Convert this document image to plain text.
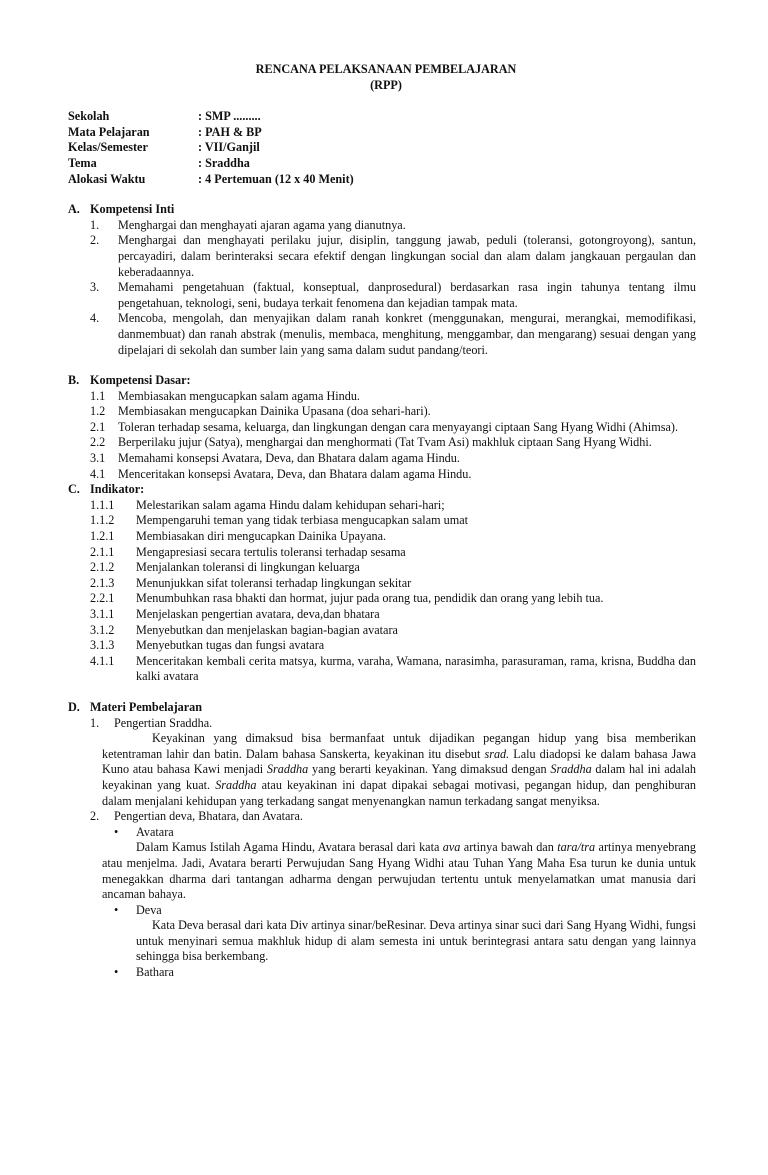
RENCANA PELAKSANAAN PEMBELAJARAN
(RPP)
Sekolah	: SMP .........
Mata Pelajaran	: PAH & BP
Kelas/Semester	: VII/Ganjil
Tema	: Sraddha
Alokasi Waktu	: 4 Pertemuan (12 x 40 Menit)
A. Kompetensi Inti
1.	Menghargai dan menghayati ajaran agama yang dianutnya.
2.	Menghargai dan menghayati perilaku jujur, disiplin, tanggung jawab, peduli (toleransi, gotongroyong), santun, percayadiri, dalam berinteraksi secara efektif dengan lingkungan social dan alam dalam jangkauan pergaulan dan keberadaannya.
3.	Memahami pengetahuan (faktual, konseptual, danprosedural) berdasarkan rasa ingin tahunya tentang ilmu pengetahuan, teknologi, seni, budaya terkait fenomena dan kejadian tampak mata.
4.	Mencoba, mengolah, dan menyajikan dalam ranah konkret (menggunakan, mengurai, merangkai, memodifikasi, danmembuat) dan ranah abstrak (menulis, membaca, menghitung, menggambar, dan mengarang) sesuai dengan yang dipelajari di sekolah dan sumber lain yang sama dalam sudut pandang/teori.
B. Kompetensi Dasar:
1.1	Membiasakan mengucapkan salam agama Hindu.
1.2	Membiasakan mengucapkan Dainika Upasana (doa sehari-hari).
2.1	Toleran terhadap sesama, keluarga, dan lingkungan dengan cara menyayangi ciptaan Sang Hyang Widhi (Ahimsa).
2.2	Berperilaku jujur (Satya), menghargai dan menghormati (Tat Tvam Asi) makhluk ciptaan Sang Hyang Widhi.
3.1	Memahami konsepsi Avatara, Deva, dan Bhatara dalam agama Hindu.
4.1	Menceritakan konsepsi Avatara, Deva, dan Bhatara dalam agama Hindu.
C. Indikator:
1.1.1	Melestarikan salam agama Hindu dalam kehidupan sehari-hari;
1.1.2	Mempengaruhi teman yang tidak terbiasa mengucapkan salam umat
1.2.1	Membiasakan diri mengucapkan Dainika Upayana.
2.1.1	Mengapresiasi secara tertulis toleransi terhadap sesama
2.1.2	Menjalankan toleransi di lingkungan keluarga
2.1.3	Menunjukkan sifat toleransi terhadap lingkungan sekitar
2.2.1	Menumbuhkan rasa bhakti dan hormat, jujur pada orang tua, pendidik dan orang yang lebih tua.
3.1.1	Menjelaskan pengertian avatara, deva,dan bhatara
3.1.2	Menyebutkan dan menjelaskan bagian-bagian avatara
3.1.3	Menyebutkan tugas dan fungsi avatara
4.1.1	Menceritakan kembali cerita matsya, kurma, varaha, Wamana, narasimha, parasuraman, rama, krisna, Buddha dan kalki avatara
D. Materi Pembelajaran
1.	Pengertian Sraddha.
Keyakinan yang dimaksud bisa bermanfaat untuk dijadikan pegangan hidup yang bisa memberikan ketentraman lahir dan batin. Dalam bahasa Sanskerta, keyakinan itu disebut srad. Lalu diadopsi ke dalam bahasa Jawa Kuno atau bahasa Kawi menjadi Sraddha yang berarti keyakinan. Yang dimaksud dengan Sraddha dalam hal ini adalah keyakinan yang kuat. Sraddha atau keyakinan ini dapat dipakai sebagai motivasi, pegangan hidup, dan penghiburan dalam menjalani kehidupan yang terkadang sangat menyenangkan namun terkadang sangat menyiksa.
2.	Pengertian deva, Bhatara, dan Avatara.
•	Avatara
Dalam Kamus Istilah Agama Hindu, Avatara berasal dari kata ava artinya bawah dan tara/tra artinya menyebrang atau menjelma. Jadi, Avatara berarti Perwujudan Sang Hyang Widhi atau Tuhan Yang Maha Esa turun ke dunia untuk menegakkan dharma dari tantangan adharma dengan perwujudan tertentu untuk menyelamatkan umat manusia dari ancaman bahaya.
•	Deva
Kata Deva berasal dari kata Div artinya sinar/beResinar. Deva artinya sinar suci dari Sang Hyang Widhi, fungsi untuk menyinari semua makhluk hidup di alam semesta ini untuk berintegrasi antara satu dengan yang lainnya sehingga bisa berkembang.
•	Bathara
